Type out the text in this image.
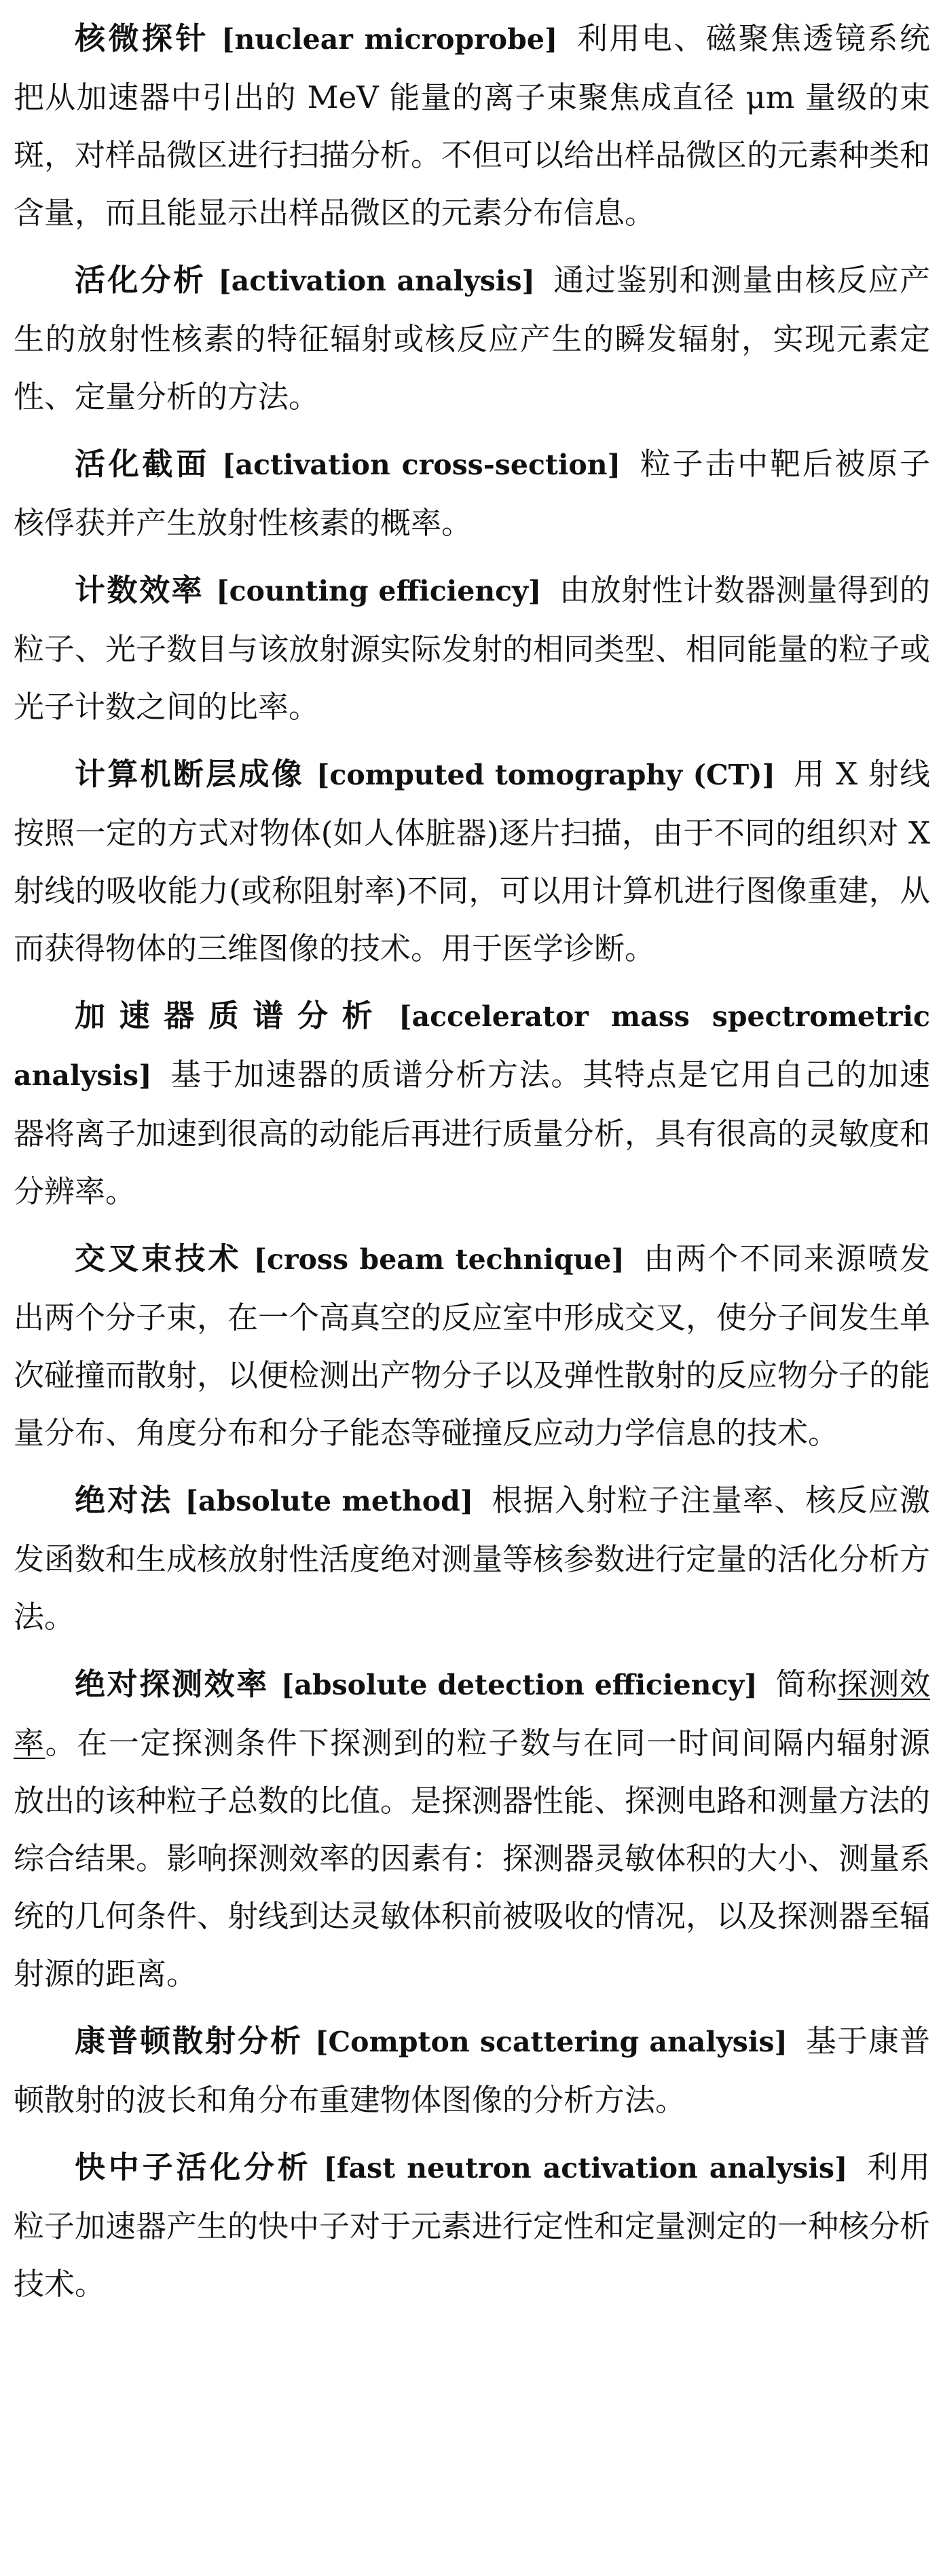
核微探针 [nuclear microprobe] 利用电、磁聚焦透镜系统把从加速器中引出的 MeV 能量的离子束聚焦成直径 μm 量级的束斑，对样品微区进行扫描分析。不但可以给出样品微区的元素种类和含量，而且能显示出样品微区的元素分布信息。

活化分析 [activation analysis] 通过鉴别和测量由核反应产生的放射性核素的特征辐射或核反应产生的瞬发辐射，实现元素定性、定量分析的方法。

活化截面 [activation cross-section] 粒子击中靶后被原子核俘获并产生放射性核素的概率。

计数效率 [counting efficiency] 由放射性计数器测量得到的粒子、光子数目与该放射源实际发射的相同类型、相同能量的粒子或光子计数之间的比率。

计算机断层成像 [computed tomography (CT)] 用 X 射线按照一定的方式对物体(如人体脏器)逐片扫描，由于不同的组织对 X 射线的吸收能力(或称阻射率)不同，可以用计算机进行图像重建，从而获得物体的三维图像的技术。用于医学诊断。

加速器质谱分析 [accelerator mass spectrometric analysis] 基于加速器的质谱分析方法。其特点是它用自己的加速器将离子加速到很高的动能后再进行质量分析，具有很高的灵敏度和分辨率。

交叉束技术 [cross beam technique] 由两个不同来源喷发出两个分子束，在一个高真空的反应室中形成交叉，使分子间发生单次碰撞而散射，以便检测出产物分子以及弹性散射的反应物分子的能量分布、角度分布和分子能态等碰撞反应动力学信息的技术。

绝对法 [absolute method] 根据入射粒子注量率、核反应激发函数和生成核放射性活度绝对测量等核参数进行定量的活化分析方法。

绝对探测效率 [absolute detection efficiency] 简称探测效率。在一定探测条件下探测到的粒子数与在同一时间间隔内辐射源放出的该种粒子总数的比值。是探测器性能、探测电路和测量方法的综合结果。影响探测效率的因素有：探测器灵敏体积的大小、测量系统的几何条件、射线到达灵敏体积前被吸收的情况，以及探测器至辐射源的距离。

康普顿散射分析 [Compton scattering analysis] 基于康普顿散射的波长和角分布重建物体图像的分析方法。

快中子活化分析 [fast neutron activation analysis] 利用粒子加速器产生的快中子对于元素进行定性和定量测定的一种核分析技术。
